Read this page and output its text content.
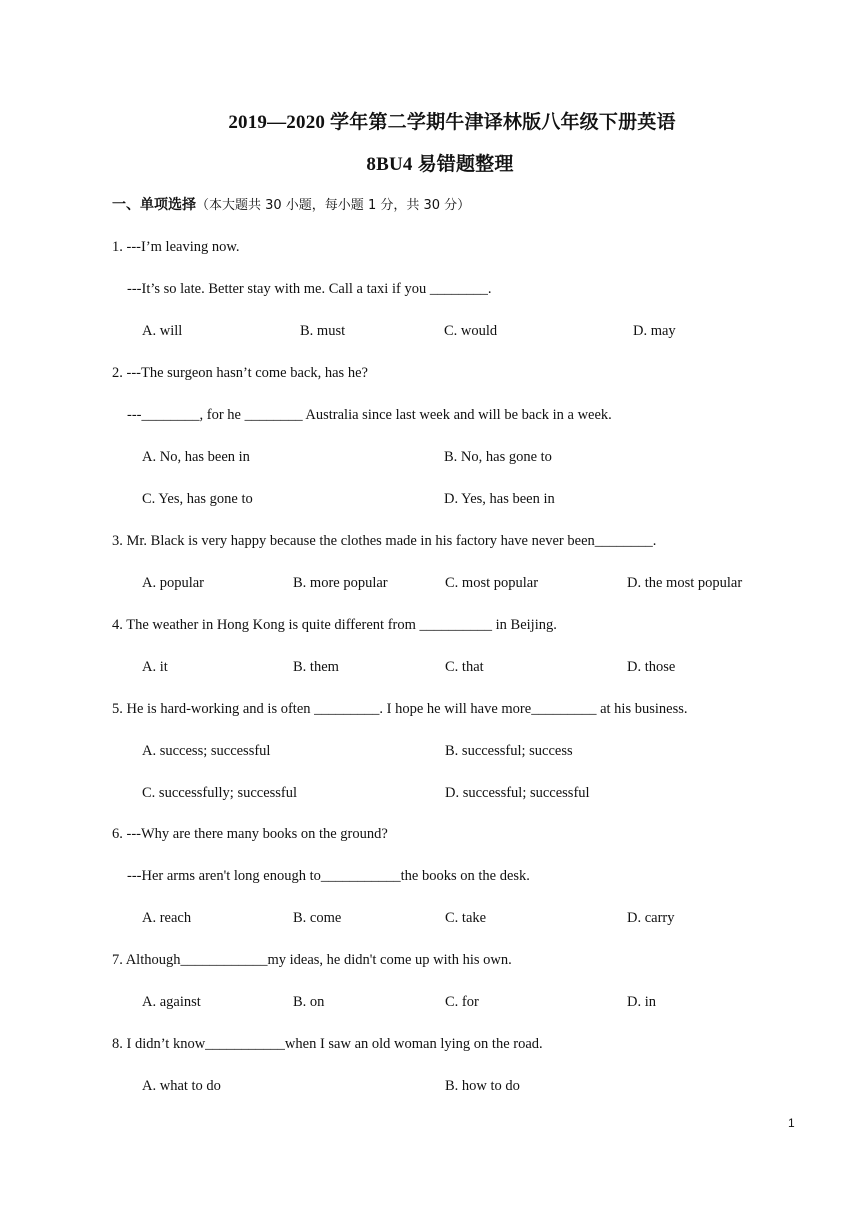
2019—2020 学年第二学期牛津译林版八年级下册英语
8BU4 易错题整理
一、单项选择（本大题共 30 小题，每小题 1 分，共 30 分）
1. ---I’m leaving now.
---It’s so late. Better stay with me. Call a taxi if you ________.
A. will	B. must	C. would	D. may
2. ---The surgeon hasn’t come back, has he?
---________, for he ________ Australia since last week and will be back in a week.
A. No, has been in	B. No, has gone to
C. Yes, has gone to	D. Yes, has been in
3. Mr. Black is very happy because the clothes made in his factory have never been________.
A. popular	B. more popular	C. most popular	D. the most popular
4. The weather in Hong Kong is quite different from __________ in Beijing.
A. it	B. them	C. that	D. those
5. He is hard-working and is often _________. I hope he will have more_________ at his business.
A. success; successful	B. successful; success
C. successfully; successful	D. successful; successful
6. ---Why are there many books on the ground?
---Her arms aren't long enough to___________the books on the desk.
A. reach	B. come	C. take	D. carry
7. Although____________my ideas, he didn't come up with his own.
A. against	B. on	C. for	D. in
8. I didn’t know___________when I saw an old woman lying on the road.
A. what to do	B. how to do
1
